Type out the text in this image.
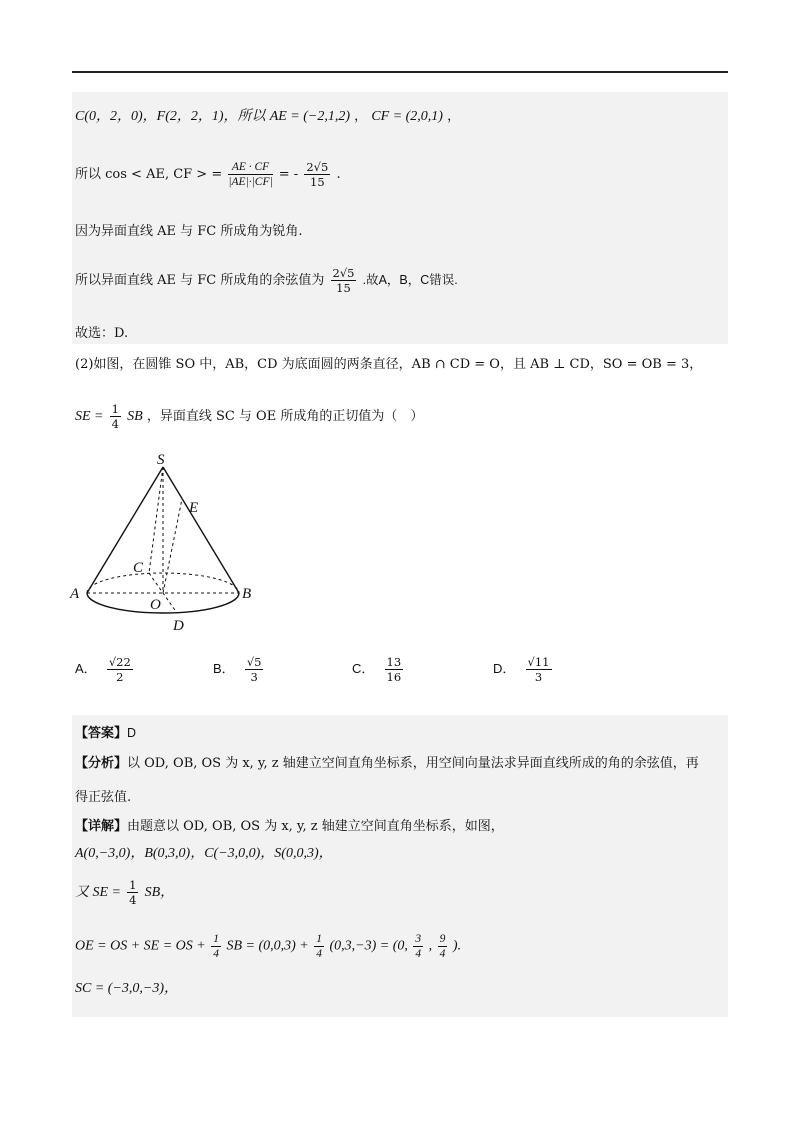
C(0，2，0)，F(2，2，1)，所以 AE = (−2,1,2) ， CF = (2,0,1) ，
所以 cos < AE, CF > = $\frac{AE \cdot CF}{|AE|\cdot|CF|}$ = - $\frac{2√5}{15}$ .
因为异面直线 AE 与 FC 所成角为锐角.
所以异面直线 AE 与 FC 所成角的余弦值为 $\frac{2√5}{15}$ .故A，B，C错误.
故选：D.
(2)如图，在圆锥 SO 中，AB，CD 为底面圆的两条直径，AB ∩ CD = O，且 AB ⊥ CD，SO = OB = 3，
SE = $\frac{1}{4}$ SB ，异面直线 SC 与 OE 所成角的正切值为（　）
S
E
C
A
O
B
D
A． $\frac{√22}{2}$	B． $\frac{√5}{3}$	C． $\frac{13}{16}$	D． $\frac{√11}{3}$
【答案】D
【分析】以 OD, OB, OS 为 x, y, z 轴建立空间直角坐标系，用空间向量法求异面直线所成的角的余弦值，再
得正弦值.
【详解】由题意以 OD, OB, OS 为 x, y, z 轴建立空间直角坐标系，如图，
A(0,−3,0)，B(0,3,0)，C(−3,0,0)，S(0,0,3)，
又 SE = $\frac{1}{4}$ SB，
OE = OS + SE = OS + $\frac{1}{4}$ SB = $(0,0,3) + \frac{1}{4} (0,3,-3) = (0$, $\frac{3}{4}$ , $\frac{9}{4}$ ).
SC = (−3,0,−3)，
